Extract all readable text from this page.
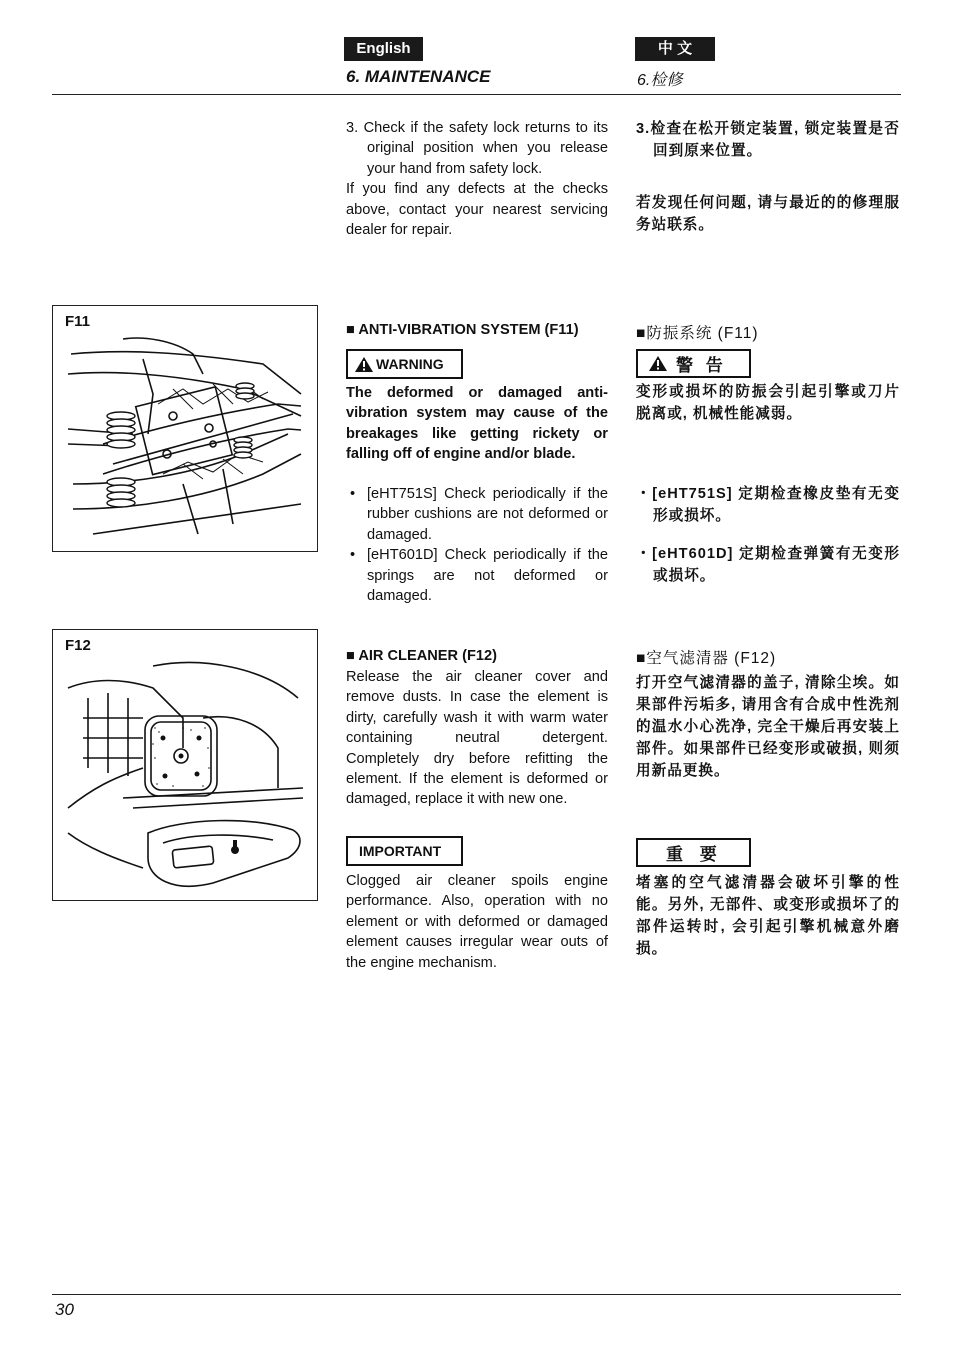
English	中 文
6. MAINTENANCE	6.检修
3. Check if the safety lock returns to its original position when you release your hand from safety lock.
If you find any defects at the checks above, contact your nearest servicing dealer for repair.
3.检查在松开锁定装置, 锁定装置是否回到原来位置。
若发现任何问题, 请与最近的的修理服务站联系。
F11	■ ANTI-VIBRATION SYSTEM (F11)
WARNING
The deformed or damaged anti-vibration system may cause of the breakages like getting rickety or falling off of engine and/or blade.
• [eHT751S] Check periodically if the rubber cushions are not deformed or damaged.
• [eHT601D] Check periodically if the springs are not deformed or damaged.
■防振系统 (F11)
警 告
变形或损坏的防振会引起引擎或刀片脱离或, 机械性能减弱。
・[eHT751S] 定期检查橡皮垫有无变形或损坏。
・[eHT601D] 定期检查弹簧有无变形或损坏。
F12
■ AIR CLEANER (F12)
Release the air cleaner cover and remove dusts. In case the element is dirty, carefully wash it with warm water containing neutral detergent. Completely dry before refitting the element. If the element is deformed or damaged, replace it with new one.
IMPORTANT
Clogged air cleaner spoils engine performance. Also, operation with no element or with deformed or damaged element causes irregular wear outs of the engine mechanism.
■空气滤清器 (F12)
打开空气滤清器的盖子, 清除尘埃。如果部件污垢多, 请用含有合成中性洗剂的温水小心洗净, 完全干燥后再安装上部件。如果部件已经变形或破损, 则须用新品更换。
重 要
堵塞的空气滤清器会破坏引擎的性能。另外, 无部件、或变形或损坏了的部件运转时, 会引起引擎机械意外磨损。
30
